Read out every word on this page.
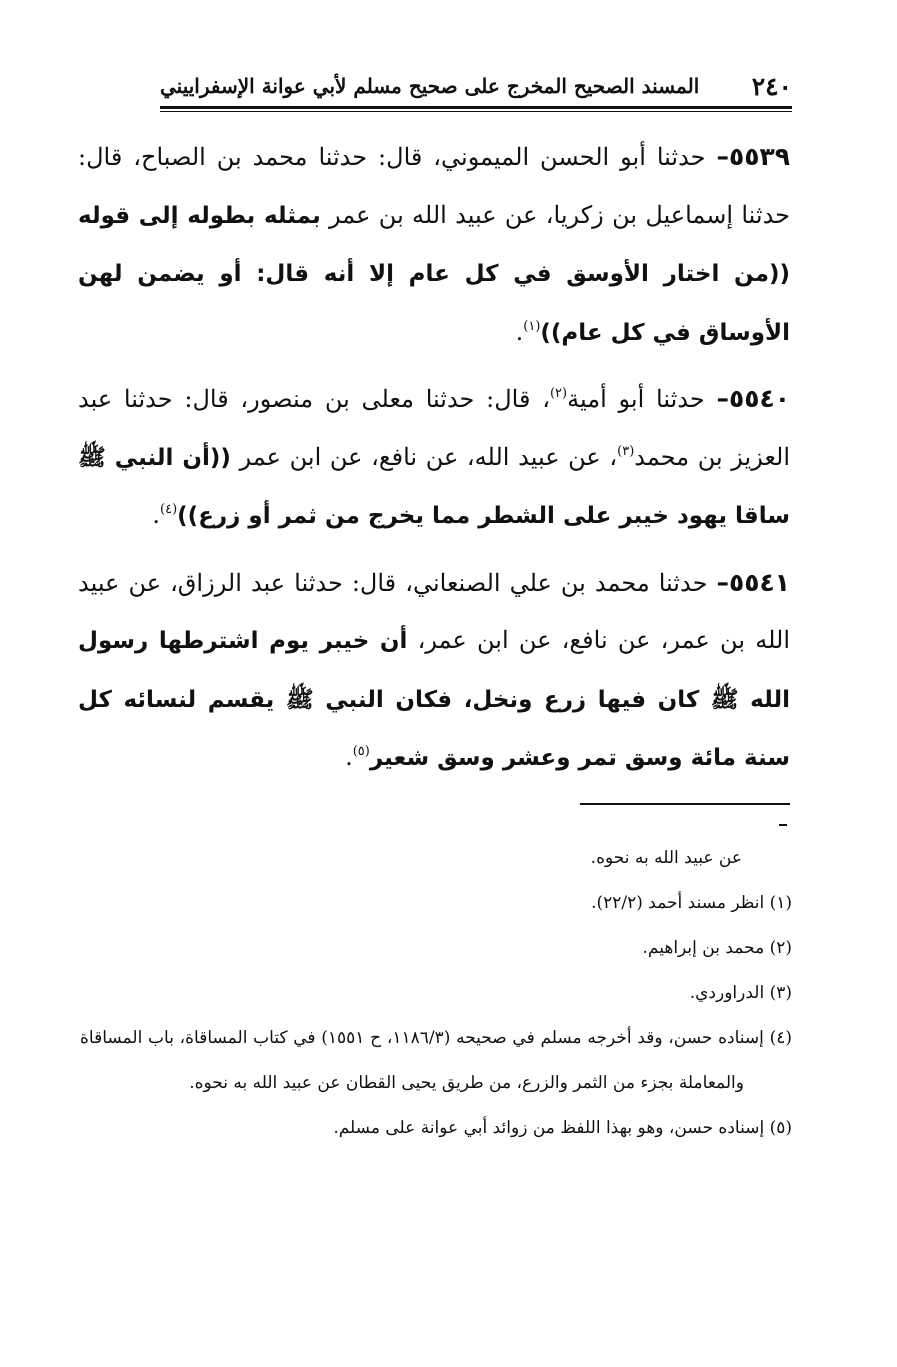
٢٤٠
المسند الصحيح المخرج على صحيح مسلم لأبي عوانة الإسفراييني

٥٥٣٩– حدثنا أبو الحسن الميموني، قال: حدثنا محمد بن الصباح، قال: حدثنا إسماعيل بن زكريا، عن عبيد الله بن عمر بمثله بطوله إلى قوله ((من اختار الأوسق في كل عام إلا أنه قال: أو يضمن لهن الأوساق في كل عام))$^{(١)}$.

٥٥٤٠– حدثنا أبو أمية$^{(٢)}$، قال: حدثنا معلى بن منصور، قال: حدثنا عبد العزيز بن محمد$^{(٣)}$، عن عبيد الله، عن نافع، عن ابن عمر ((أن النبي ﷺ ساقا يهود خيبر على الشطر مما يخرج من ثمر أو زرع))$^{(٤)}$.

٥٥٤١– حدثنا محمد بن علي الصنعاني، قال: حدثنا عبد الرزاق، عن عبيد الله بن عمر، عن نافع، عن ابن عمر، أن خيبر يوم اشترطها رسول الله ﷺ كان فيها زرع ونخل، فكان النبي ﷺ يقسم لنسائه كل سنة مائة وسق تمر وعشر وسق شعير$^{(٥)}$.

عن عبيد الله به نحوه.

(١) انظر مسند أحمد (٢٢/٢).

(٢) محمد بن إبراهيم.

(٣) الدراوردي.

(٤) إسناده حسن، وقد أخرجه مسلم في صحيحه (١١٨٦/٣، ح ١٥٥١) في كتاب المساقاة، باب المساقاة والمعاملة بجزء من الثمر والزرع، من طريق يحيى القطان عن عبيد الله به نحوه.

(٥) إسناده حسن، وهو بهذا اللفظ من زوائد أبي عوانة على مسلم.
